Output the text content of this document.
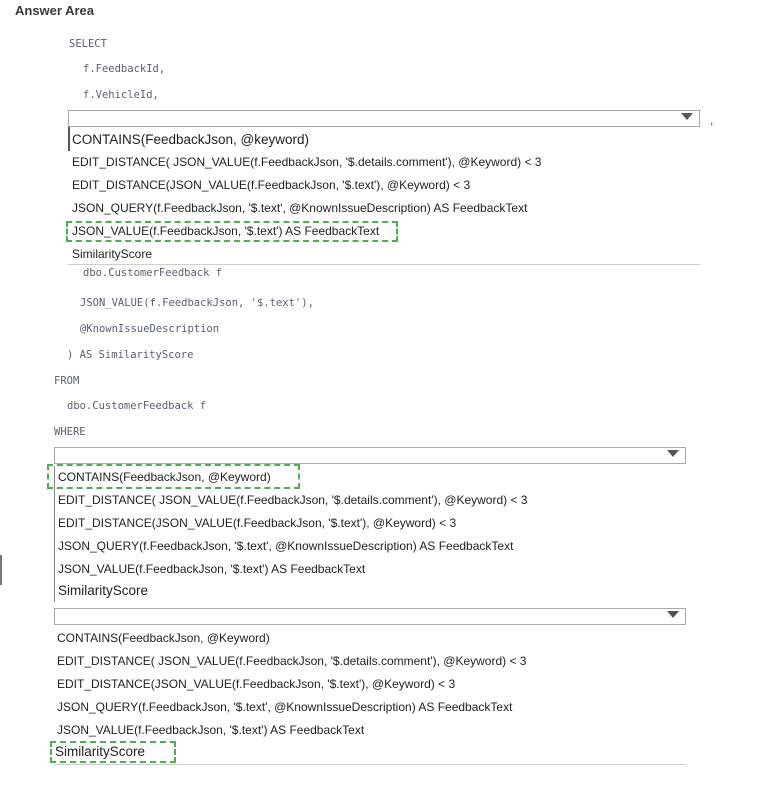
Answer Area
SELECT
f.FeedbackId,
f.VehicleId,
,
CONTAINS(FeedbackJson, @keyword)
EDIT_DISTANCE( JSON_VALUE(f.FeedbackJson, '$.details.comment'), @Keyword) < 3
EDIT_DISTANCE(JSON_VALUE(f.FeedbackJson, '$.text'), @Keyword) < 3
JSON_QUERY(f.FeedbackJson, '$.text', @KnownIssueDescription) AS FeedbackText
JSON_VALUE(f.FeedbackJson, '$.text') AS FeedbackText
SimilarityScore
dbo.CustomerFeedback f
JSON_VALUE(f.FeedbackJson, '$.text'),
@KnownIssueDescription
) AS SimilarityScore
FROM
dbo.CustomerFeedback f
WHERE
CONTAINS(FeedbackJson, @Keyword)
EDIT_DISTANCE( JSON_VALUE(f.FeedbackJson, '$.details.comment'), @Keyword) < 3
EDIT_DISTANCE(JSON_VALUE(f.FeedbackJson, '$.text'), @Keyword) < 3
JSON_QUERY(f.FeedbackJson, '$.text', @KnownIssueDescription) AS FeedbackText
JSON_VALUE(f.FeedbackJson, '$.text') AS FeedbackText
SimilarityScore
CONTAINS(FeedbackJson, @Keyword)
EDIT_DISTANCE( JSON_VALUE(f.FeedbackJson, '$.details.comment'), @Keyword) < 3
EDIT_DISTANCE(JSON_VALUE(f.FeedbackJson, '$.text'), @Keyword) < 3
JSON_QUERY(f.FeedbackJson, '$.text', @KnownIssueDescription) AS FeedbackText
JSON_VALUE(f.FeedbackJson, '$.text') AS FeedbackText
SimilarityScore
